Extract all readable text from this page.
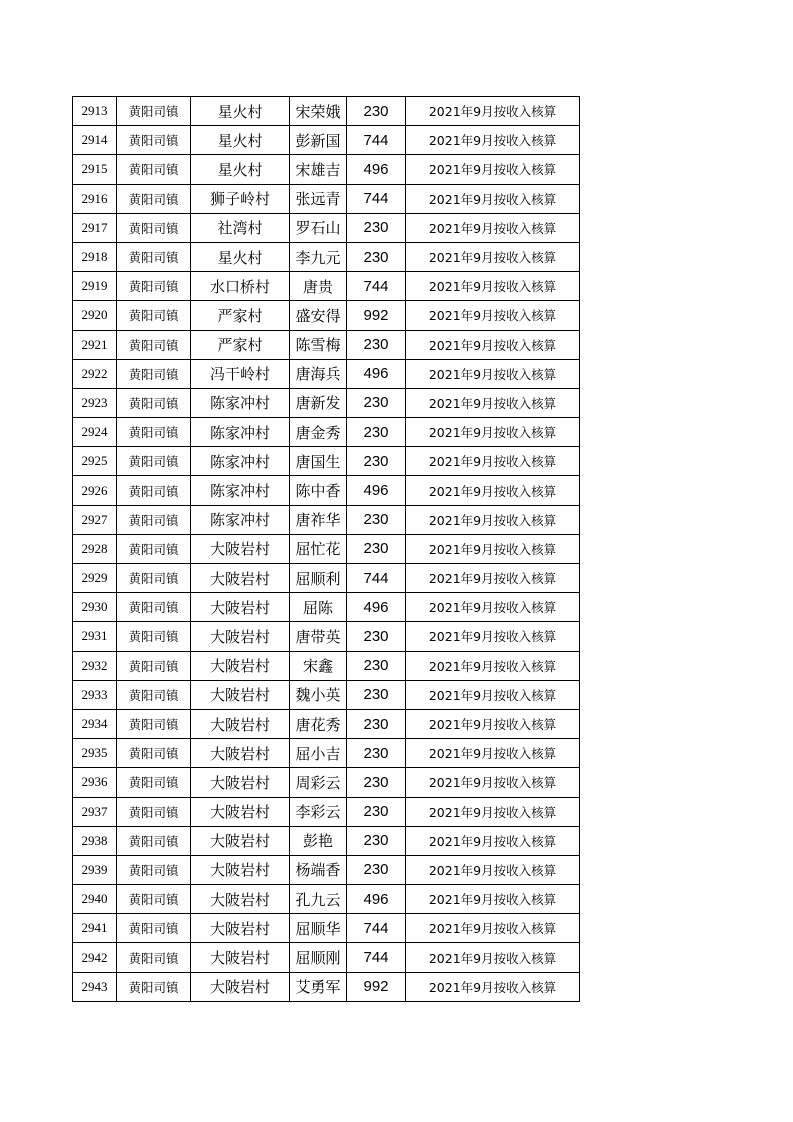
2913	黄阳司镇	星火村	宋荣娥	230	2021年9月按收入核算
2914	黄阳司镇	星火村	彭新国	744	2021年9月按收入核算
2915	黄阳司镇	星火村	宋雄吉	496	2021年9月按收入核算
2916	黄阳司镇	狮子岭村	张远青	744	2021年9月按收入核算
2917	黄阳司镇	社湾村	罗石山	230	2021年9月按收入核算
2918	黄阳司镇	星火村	李九元	230	2021年9月按收入核算
2919	黄阳司镇	水口桥村	唐贵	744	2021年9月按收入核算
2920	黄阳司镇	严家村	盛安得	992	2021年9月按收入核算
2921	黄阳司镇	严家村	陈雪梅	230	2021年9月按收入核算
2922	黄阳司镇	冯干岭村	唐海兵	496	2021年9月按收入核算
2923	黄阳司镇	陈家冲村	唐新发	230	2021年9月按收入核算
2924	黄阳司镇	陈家冲村	唐金秀	230	2021年9月按收入核算
2925	黄阳司镇	陈家冲村	唐国生	230	2021年9月按收入核算
2926	黄阳司镇	陈家冲村	陈中香	496	2021年9月按收入核算
2927	黄阳司镇	陈家冲村	唐祚华	230	2021年9月按收入核算
2928	黄阳司镇	大陂岩村	屈忙花	230	2021年9月按收入核算
2929	黄阳司镇	大陂岩村	屈顺利	744	2021年9月按收入核算
2930	黄阳司镇	大陂岩村	屈陈	496	2021年9月按收入核算
2931	黄阳司镇	大陂岩村	唐带英	230	2021年9月按收入核算
2932	黄阳司镇	大陂岩村	宋鑫	230	2021年9月按收入核算
2933	黄阳司镇	大陂岩村	魏小英	230	2021年9月按收入核算
2934	黄阳司镇	大陂岩村	唐花秀	230	2021年9月按收入核算
2935	黄阳司镇	大陂岩村	屈小吉	230	2021年9月按收入核算
2936	黄阳司镇	大陂岩村	周彩云	230	2021年9月按收入核算
2937	黄阳司镇	大陂岩村	李彩云	230	2021年9月按收入核算
2938	黄阳司镇	大陂岩村	彭艳	230	2021年9月按收入核算
2939	黄阳司镇	大陂岩村	杨端香	230	2021年9月按收入核算
2940	黄阳司镇	大陂岩村	孔九云	496	2021年9月按收入核算
2941	黄阳司镇	大陂岩村	屈顺华	744	2021年9月按收入核算
2942	黄阳司镇	大陂岩村	屈顺刚	744	2021年9月按收入核算
2943	黄阳司镇	大陂岩村	艾勇军	992	2021年9月按收入核算
